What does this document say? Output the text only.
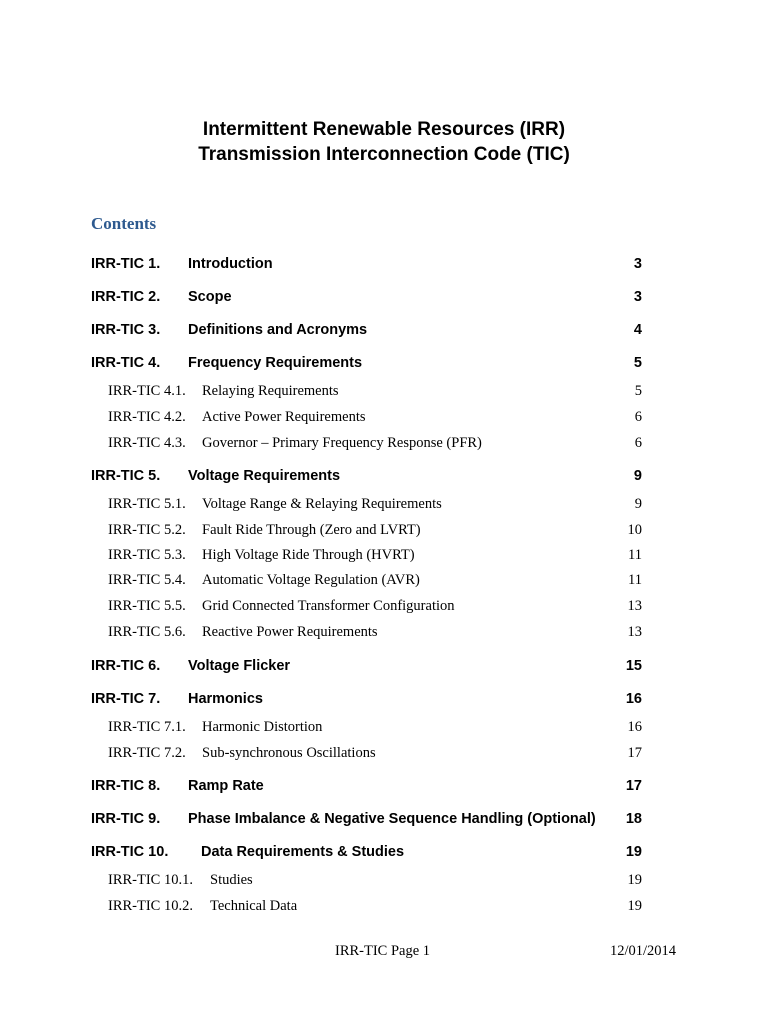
Intermittent Renewable Resources (IRR)
Transmission Interconnection Code (TIC)
Contents
IRR-TIC 1. Introduction	3
IRR-TIC 2. Scope	3
IRR-TIC 3. Definitions and Acronyms	4
IRR-TIC 4. Frequency Requirements	5
IRR-TIC 4.1. Relaying Requirements	5
IRR-TIC 4.2. Active Power Requirements	6
IRR-TIC 4.3. Governor – Primary Frequency Response (PFR)	6
IRR-TIC 5. Voltage Requirements	9
IRR-TIC 5.1. Voltage Range & Relaying Requirements	9
IRR-TIC 5.2. Fault Ride Through (Zero and LVRT)	10
IRR-TIC 5.3. High Voltage Ride Through (HVRT)	11
IRR-TIC 5.4. Automatic Voltage Regulation (AVR)	11
IRR-TIC 5.5. Grid Connected Transformer Configuration	13
IRR-TIC 5.6. Reactive Power Requirements	13
IRR-TIC 6. Voltage Flicker	15
IRR-TIC 7. Harmonics	16
IRR-TIC 7.1. Harmonic Distortion	16
IRR-TIC 7.2. Sub-synchronous Oscillations	17
IRR-TIC 8. Ramp Rate	17
IRR-TIC 9. Phase Imbalance & Negative Sequence Handling (Optional) 18
IRR-TIC 10. Data Requirements & Studies	19
IRR-TIC 10.1. Studies	19
IRR-TIC 10.2. Technical Data	19
IRR-TIC Page 1	12/01/2014
